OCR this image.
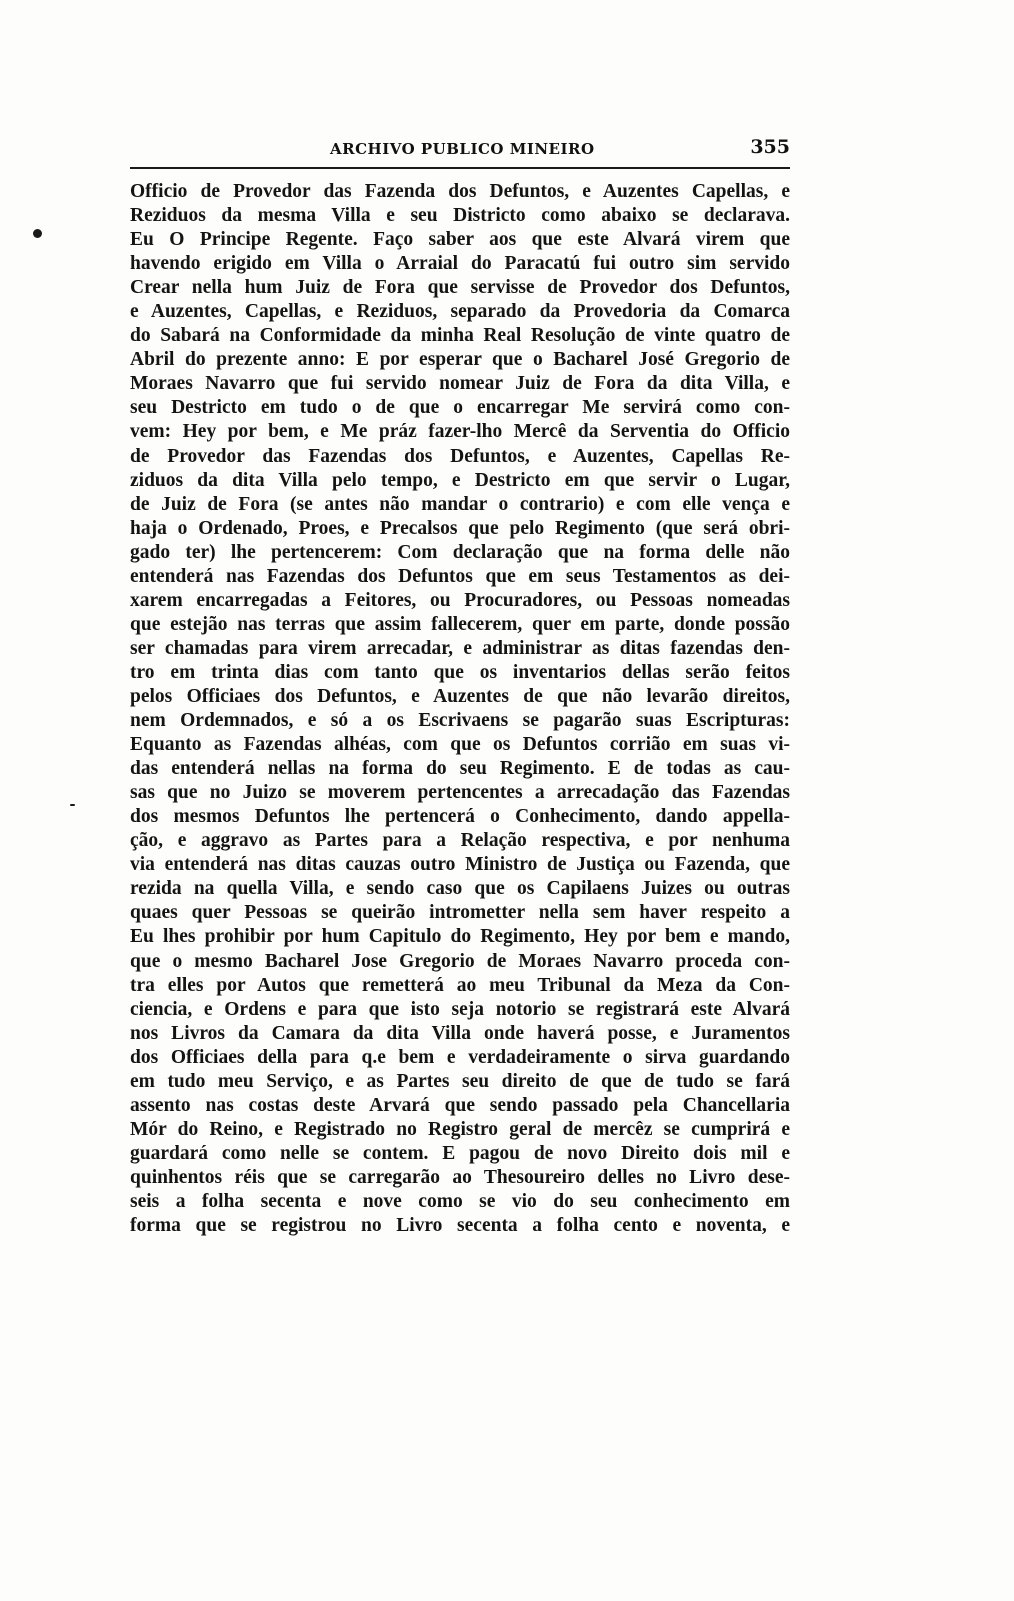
ARCHIVO PUBLICO MINEIRO	355
Officio de Provedor das Fazenda dos Defuntos, e Auzentes Capellas, e
Reziduos da mesma Villa e seu Districto como abaixo se declarava.
Eu O Principe Regente. Faço saber aos que este Alvará virem que
havendo erigido em Villa o Arraial do Paracatú fui outro sim servido
Crear nella hum Juiz de Fora que servisse de Provedor dos Defuntos,
e Auzentes, Capellas, e Reziduos, separado da Provedoria da Comarca
do Sabará na Conformidade da minha Real Resolução de vinte quatro de
Abril do prezente anno: E por esperar que o Bacharel José Gregorio de
Moraes Navarro que fui servido nomear Juiz de Fora da dita Villa, e
seu Destricto em tudo o de que o encarregar Me servirá como con-
vem: Hey por bem, e Me práz fazer-lho Mercê da Serventia do Officio
de Provedor das Fazendas dos Defuntos, e Auzentes, Capellas Re-
ziduos da dita Villa pelo tempo, e Destricto em que servir o Lugar,
de Juiz de Fora (se antes não mandar o contrario) e com elle vença e
haja o Ordenado, Proes, e Precalsos que pelo Regimento (que será obri-
gado ter) lhe pertencerem: Com declaração que na forma delle não
entenderá nas Fazendas dos Defuntos que em seus Testamentos as dei-
xarem encarregadas a Feitores, ou Procuradores, ou Pessoas nomeadas
que estejão nas terras que assim fallecerem, quer em parte, donde possão
ser chamadas para virem arrecadar, e administrar as ditas fazendas den-
tro em trinta dias com tanto que os inventarios dellas serão feitos
pelos Officiaes dos Defuntos, e Auzentes de que não levarão direitos,
nem Ordemnados, e só a os Escrivaens se pagarão suas Escripturas:
Equanto as Fazendas alhéas, com que os Defuntos corrião em suas vi-
das entenderá nellas na forma do seu Regimento. E de todas as cau-
sas que no Juizo se moverem pertencentes a arrecadação das Fazendas
dos mesmos Defuntos lhe pertencerá o Conhecimento, dando appella-
ção, e aggravo as Partes para a Relação respectiva, e por nenhuma
via entenderá nas ditas cauzas outro Ministro de Justiça ou Fazenda, que
rezida na quella Villa, e sendo caso que os Capilaens Juizes ou outras
quaes quer Pessoas se queirão intrometter nella sem haver respeito a
Eu lhes prohibir por hum Capitulo do Regimento, Hey por bem e mando,
que o mesmo Bacharel Jose Gregorio de Moraes Navarro proceda con-
tra elles por Autos que remetterá ao meu Tribunal da Meza da Con-
ciencia, e Ordens e para que isto seja notorio se registrará este Alvará
nos Livros da Camara da dita Villa onde haverá posse, e Juramentos
dos Officiaes della para q.e bem e verdadeiramente o sirva guardando
em tudo meu Serviço, e as Partes seu direito de que de tudo se fará
assento nas costas deste Arvará que sendo passado pela Chancellaria
Mór do Reino, e Registrado no Registro geral de mercêz se cumprirá e
guardará como nelle se contem. E pagou de novo Direito dois mil e
quinhentos réis que se carregarão ao Thesoureiro delles no Livro dese-
seis a folha secenta e nove como se vio do seu conhecimento em
forma que se registrou no Livro secenta a folha cento e noventa, e
